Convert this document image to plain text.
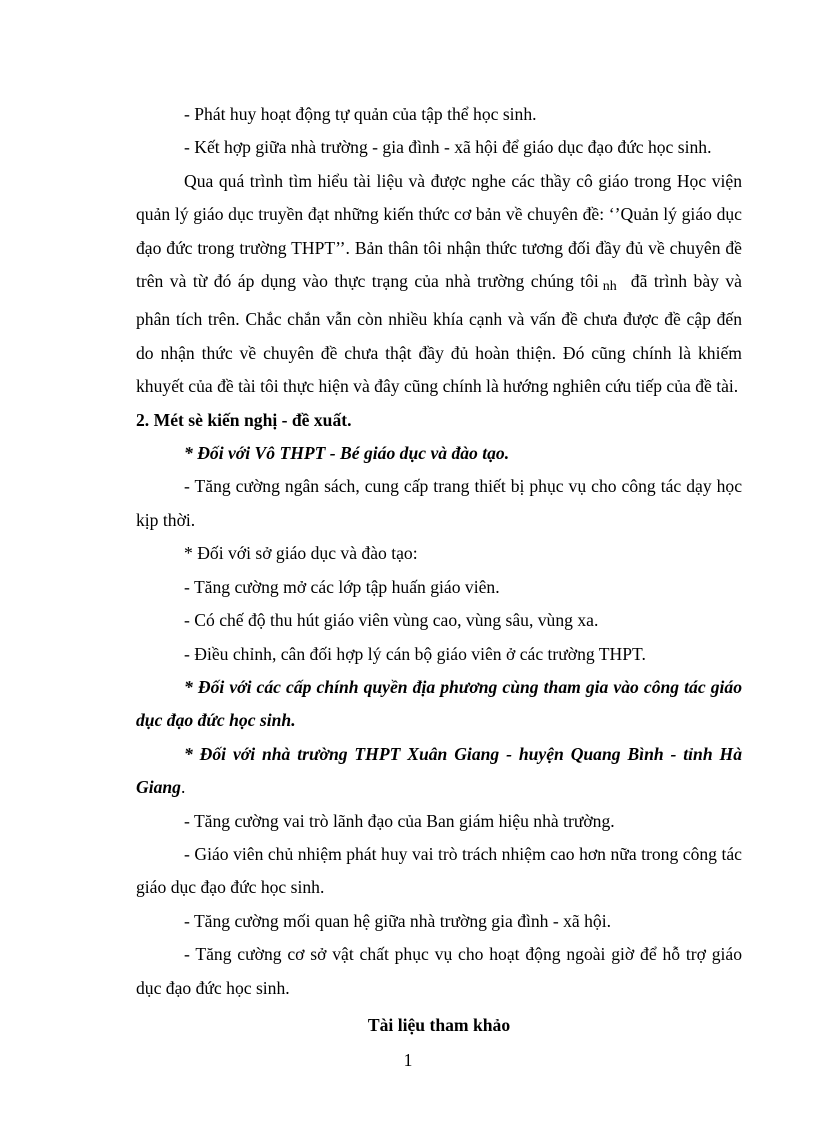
- Phát huy hoạt động tự quản của tập thể học sinh.

- Kết hợp giữa nhà trường - gia đình - xã hội để giáo dục đạo đức học sinh.

Qua quá trình tìm hiểu tài liệu và được nghe các thầy cô giáo trong Học viện quản lý giáo dục truyền đạt những kiến thức cơ bản về chuyên đề: ‘’Quản lý giáo dục đạo đức trong trường THPT’’. Bản thân tôi nhận thức tương đối đầy đủ về chuyên đề trên và từ đó áp dụng vào thực trạng của nhà trường chúng tôi nh đã trình bày và phân tích trên. Chắc chắn vẫn còn nhiều khía cạnh và vấn đề chưa được đề cập đến do nhận thức về chuyên đề chưa thật đầy đủ hoàn thiện. Đó cũng chính là khiếm khuyết của đề tài tôi thực hiện và đây cũng chính là hướng nghiên cứu tiếp của đề tài.

2. Mét sè kiến nghị - đề xuất.

* Đối với Vô THPT - Bé giáo dục và đào tạo.

- Tăng cường ngân sách, cung cấp trang thiết bị phục vụ cho công tác dạy học kịp thời.

* Đối với sở giáo dục và đào tạo:

- Tăng cường mở các lớp tập huấn giáo viên.

- Có chế độ thu hút giáo viên vùng cao, vùng sâu, vùng xa.

- Điều chỉnh, cân đối hợp lý cán bộ giáo viên ở các trường THPT.

* Đối với các cấp chính quyền địa phương cùng tham gia vào công tác giáo dục đạo đức học sinh.

* Đối với nhà trường THPT Xuân Giang - huyện Quang Bình - tỉnh Hà Giang.

- Tăng cường vai trò lãnh đạo của Ban giám hiệu nhà trường.

- Giáo viên chủ nhiệm phát huy vai trò trách nhiệm cao hơn nữa trong công tác giáo dục đạo đức học sinh.

- Tăng cường mối quan hệ giữa nhà trường gia đình - xã hội.

- Tăng cường cơ sở vật chất phục vụ cho hoạt động ngoài giờ để hỗ trợ giáo dục đạo đức học sinh.

Tài liệu tham khảo

1
